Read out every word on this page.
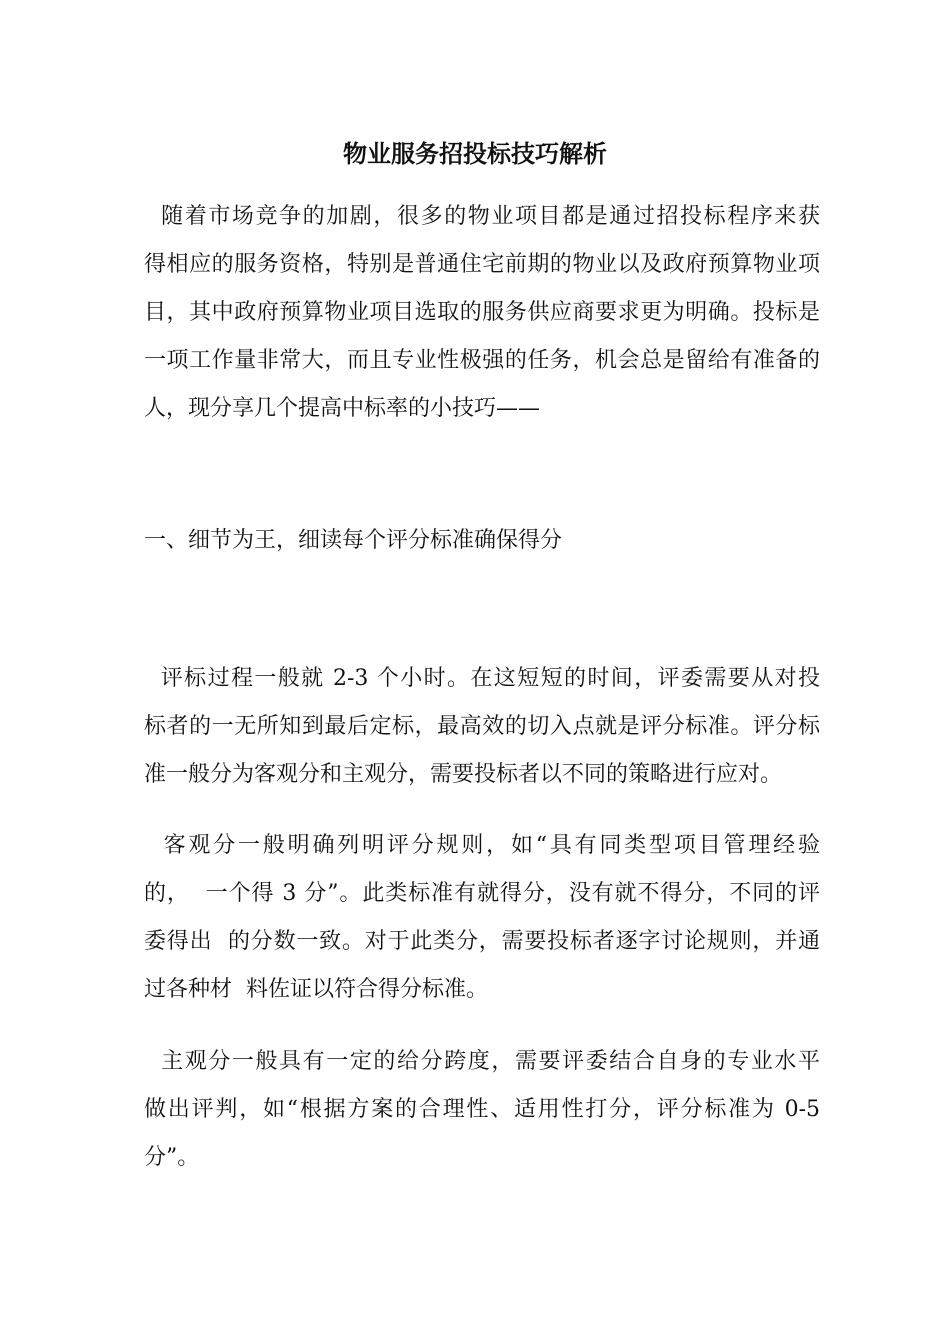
物业服务招投标技巧解析
随着市场竞争的加剧，很多的物业项目都是通过招投标程序来获
得相应的服务资格，特别是普通住宅前期的物业以及政府预算物业项
目，其中政府预算物业项目选取的服务供应商要求更为明确。投标是
一项工作量非常大，而且专业性极强的任务，机会总是留给有准备的
人，现分享几个提高中标率的小技巧——
一、细节为王，细读每个评分标准确保得分
评标过程一般就 2-3 个小时。在这短短的时间，评委需要从对投
标者的一无所知到最后定标，最高效的切入点就是评分标准。评分标
准一般分为客观分和主观分，需要投标者以不同的策略进行应对。
客观分一般明确列明评分规则，如“具有同类型项目管理经验
的，  一个得 3 分”。此类标准有就得分，没有就不得分，不同的评
委得出  的分数一致。对于此类分，需要投标者逐字讨论规则，并通
过各种材  料佐证以符合得分标准。
主观分一般具有一定的给分跨度，需要评委结合自身的专业水平
做出评判，如“根据方案的合理性、适用性打分，评分标准为 0-5
分”。
